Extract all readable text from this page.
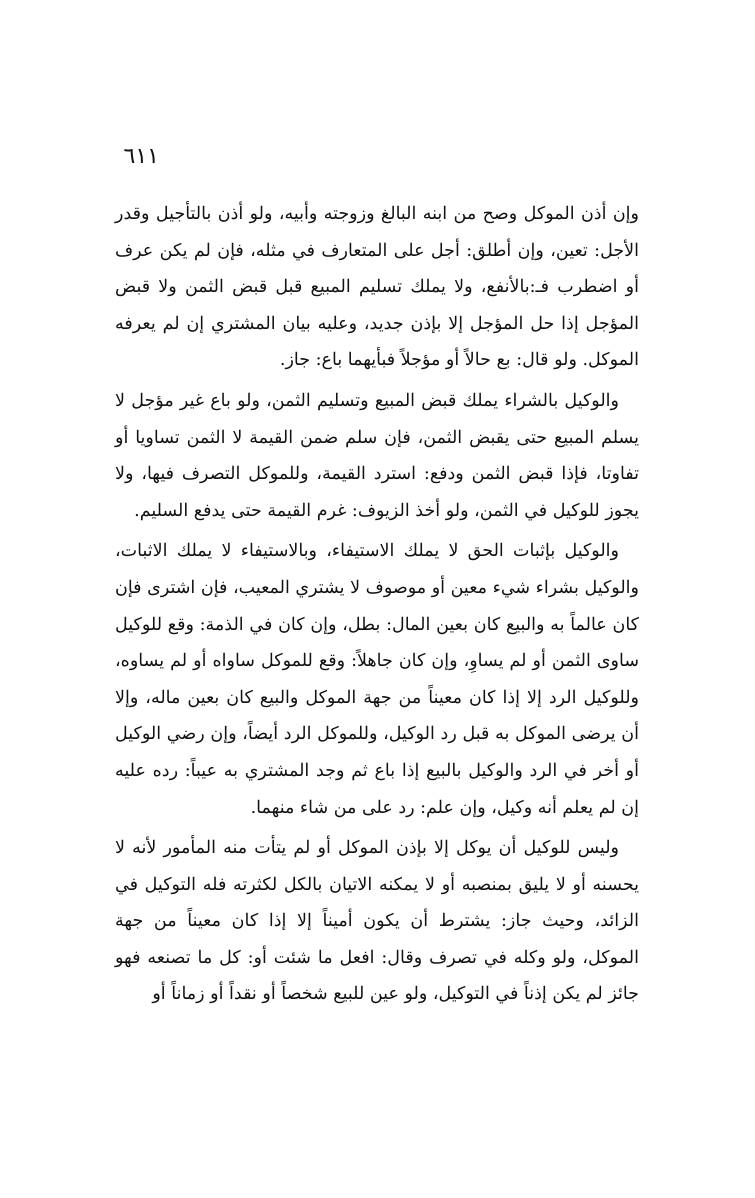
٦١١

وإن أذن الموكل وصح من ابنه البالغ وزوجته وأبيه، ولو أذن بالتأجيل وقدر الأجل: تعين، وإن أطلق: أجل على المتعارف في مثله، فإن لم يكن عرف أو اضطرب فـ:بالأنفع، ولا يملك تسليم المبيع قبل قبض الثمن ولا قبض المؤجل إذا حل المؤجل إلا بإذن جديد، وعليه بيان المشتري إن لم يعرفه الموكل. ولو قال: بع حالاً أو مؤجلاً فبأيهما باع: جاز.

والوكيل بالشراء يملك قبض المبيع وتسليم الثمن، ولو باع غير مؤجل لا يسلم المبيع حتى يقبض الثمن، فإن سلم ضمن القيمة لا الثمن تساويا أو تفاوتا، فإذا قبض الثمن ودفع: استرد القيمة، وللموكل التصرف فيها، ولا يجوز للوكيل في الثمن، ولو أخذ الزيوف: غرم القيمة حتى يدفع السليم.

والوكيل بإثبات الحق لا يملك الاستيفاء، وبالاستيفاء لا يملك الاثبات، والوكيل بشراء شيء معين أو موصوف لا يشتري المعيب، فإن اشترى فإن كان عالماً به والبيع كان بعين المال: بطل، وإن كان في الذمة: وقع للوكيل ساوى الثمن أو لم يساوِ، وإن كان جاهلاً: وقع للموكل ساواه أو لم يساوه، وللوكيل الرد إلا إذا كان معيناً من جهة الموكل والبيع كان بعين ماله، وإلا أن يرضى الموكل به قبل رد الوكيل، وللموكل الرد أيضاً، وإن رضي الوكيل أو أخر في الرد والوكيل بالبيع إذا باع ثم وجد المشتري به عيباً: رده عليه إن لم يعلم أنه وكيل، وإن علم: رد على من شاء منهما.

وليس للوكيل أن يوكل إلا بإذن الموكل أو لم يتأت منه المأمور لأنه لا يحسنه أو لا يليق بمنصبه أو لا يمكنه الاتيان بالكل لكثرته فله التوكيل في الزائد، وحيث جاز: يشترط أن يكون أميناً إلا إذا كان معيناً من جهة الموكل، ولو وكله في تصرف وقال: افعل ما شئت أو: كل ما تصنعه فهو جائز لم يكن إذناً في التوكيل، ولو عين للبيع شخصاً أو نقداً أو زماناً أو
